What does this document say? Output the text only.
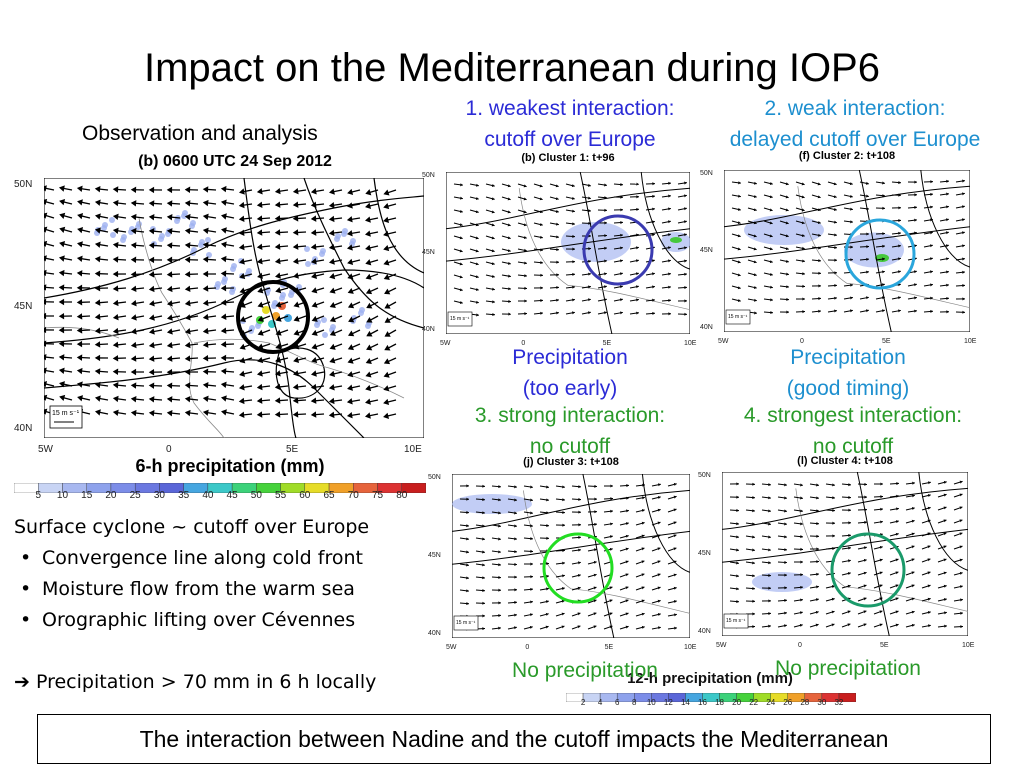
Impact on the Mediterranean during IOP6
Observation and analysis
(b) 0600 UTC 24 Sep 2012
15 m s⁻¹
50N
45N
40N
5W	0	5E	10E
6-h precipitation (mm)
5	10	15	20	25	30	35	40	45	50	55	60	65	70	75	80
1. weakest interaction:
cutoff over Europe
2. weak interaction:
delayed cutoff over Europe
(b) Cluster 1: t+96
15 m s⁻¹
50N
45N
40N
5W	0	5E	10E
(f) Cluster 2: t+108
15 m s⁻¹
50N
45N
40N
5W	0	5E	10E
(j) Cluster 3: t+108
15 m s⁻¹
50N
45N
40N
5W	0	5E	10E
(l) Cluster 4: t+108
15 m s⁻¹
50N
45N
40N
5W	0	5E	10E
Precipitation
(too early)
Precipitation
(good timing)
3. strong interaction:
no cutoff
4. strongest interaction:
no cutoff
2	4	6	8	10	12	14	16	18	20	22	24	26	28	30	32
12-h precipitation (mm)
No precipitation	No precipitation
Surface cyclone ~ cutoff over Europe
• Convergence line along cold front
• Moisture flow from the warm sea
• Orographic lifting over Cévennes
➔ Precipitation > 70 mm in 6 h locally
The interaction between Nadine and the cutoff impacts the Mediterranean
